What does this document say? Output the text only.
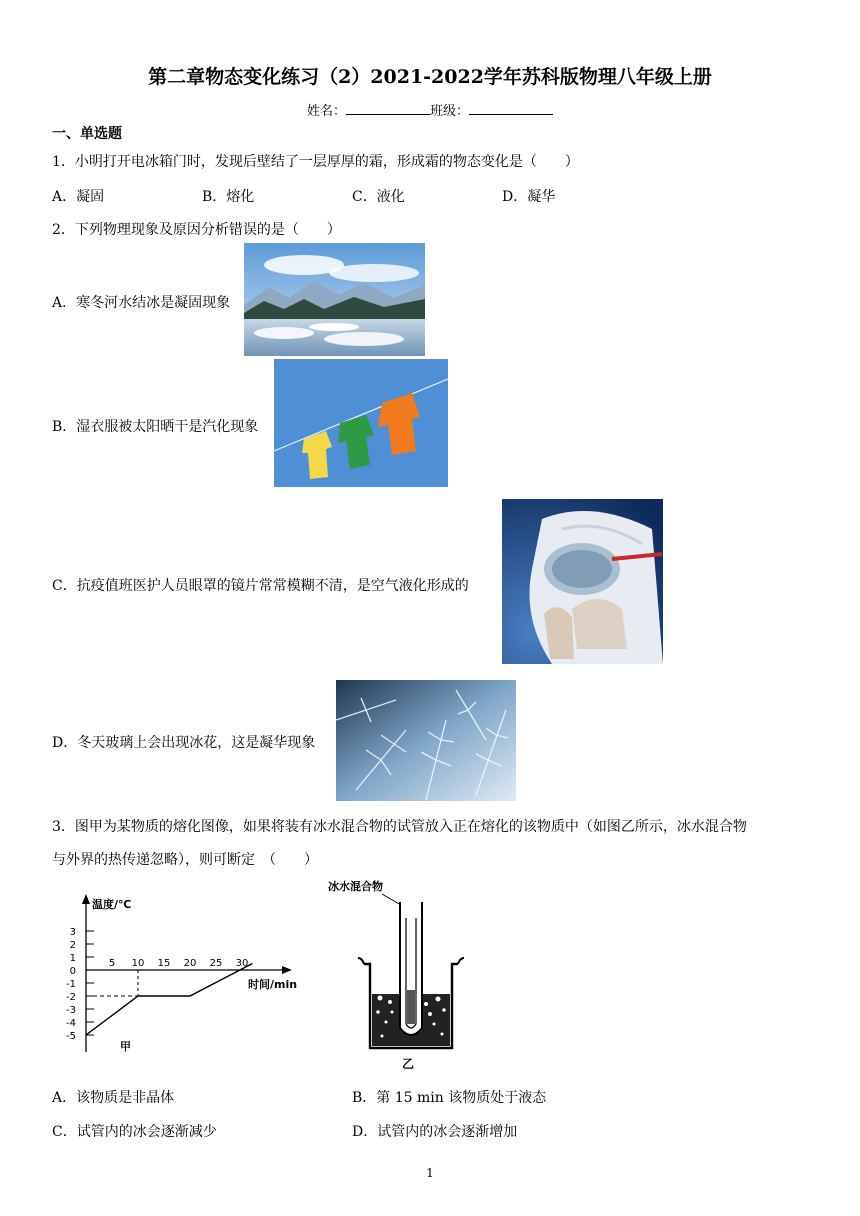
第二章物态变化练习（2）2021-2022学年苏科版物理八年级上册
姓名：	班级：
一、单选题
1．小明打开电冰箱门时，发现后壁结了一层厚厚的霜，形成霜的物态变化是（　　）
A．凝固	B．熔化	C．液化	D．凝华
2．下列物理现象及原因分析错误的是（　　）
A．寒冬河水结冰是凝固现象
B．湿衣服被太阳晒干是汽化现象
C．抗疫值班医护人员眼罩的镜片常常模糊不清，是空气液化形成的
D．冬天玻璃上会出现冰花，这是凝华现象
3．图甲为某物质的熔化图像，如果将装有冰水混合物的试管放入正在熔化的该物质中（如图乙所示，冰水混合物
与外界的热传递忽略），则可断定　（　　）
温度/℃
时间/min
3
2
1
0
-1
-2
-3
-4
-5
5 10 15 20 25 30
甲
冰水混合物
乙
A．该物质是非晶体	B．第 15 min 该物质处于液态
C．试管内的冰会逐渐减少	D．试管内的冰会逐渐增加
1
